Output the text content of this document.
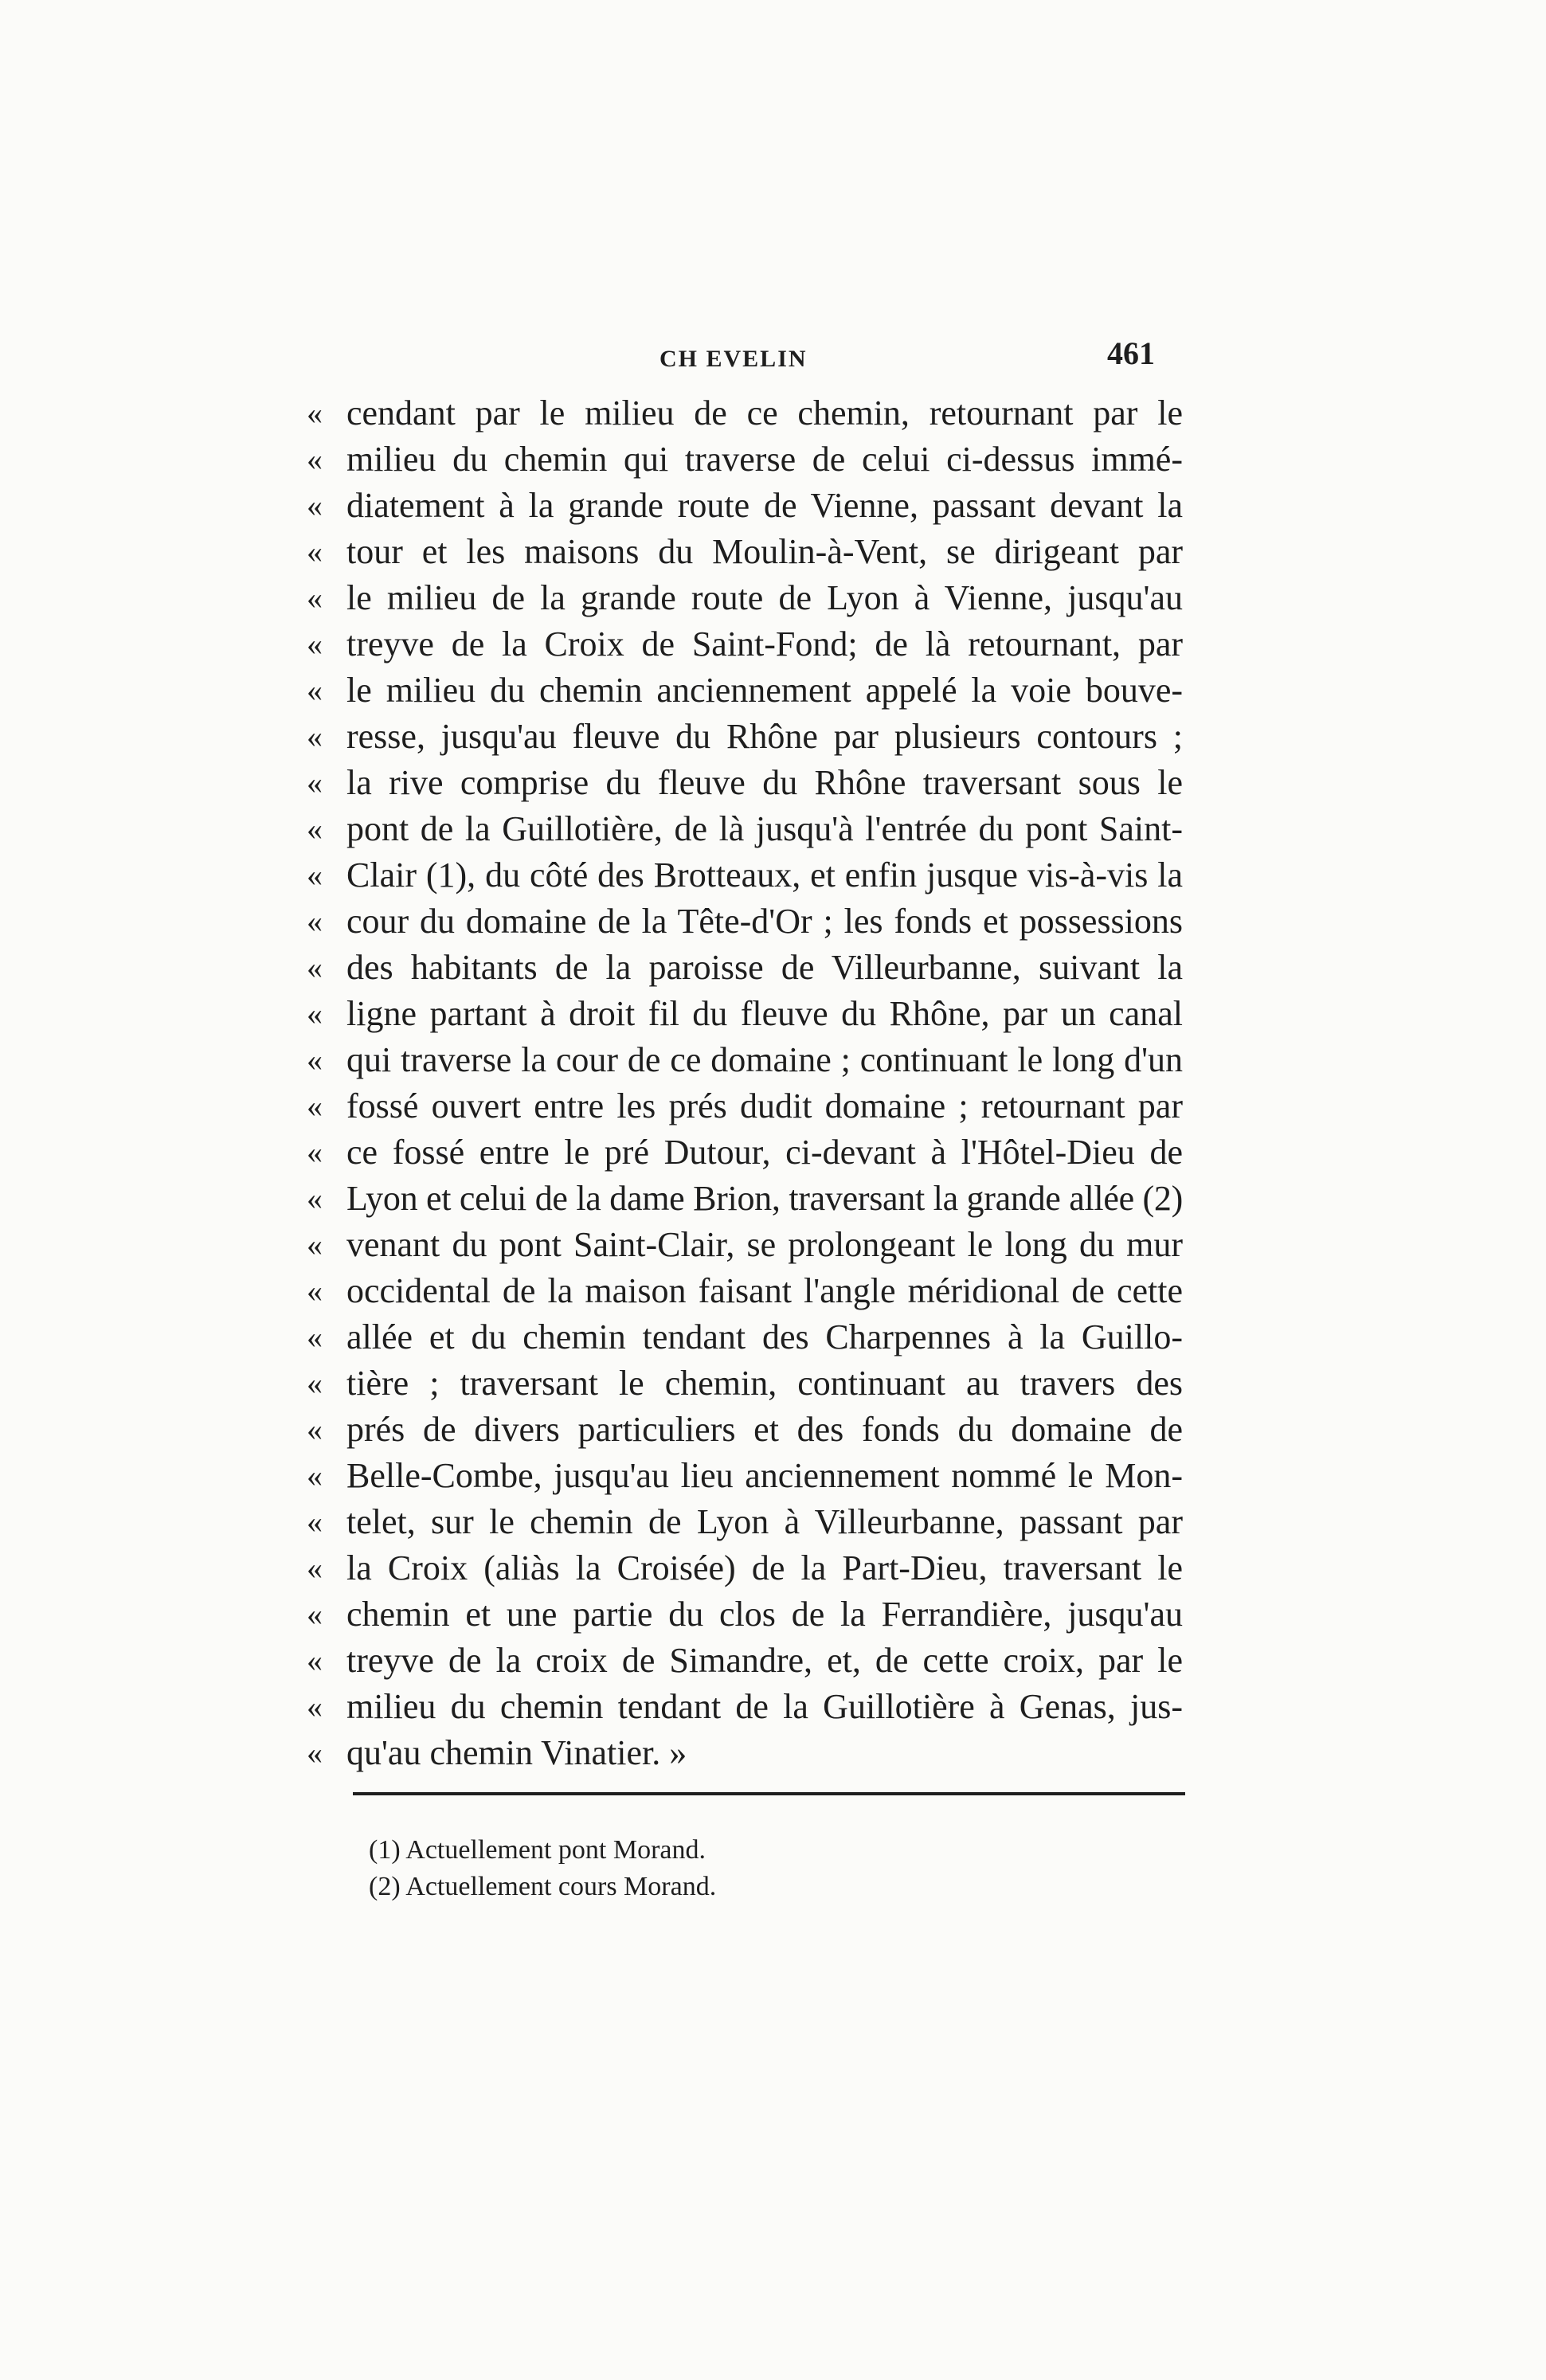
CH EVELIN	461
« cendant par le milieu de ce chemin, retournant par le
« milieu du chemin qui traverse de celui ci-dessus immé-
« diatement à la grande route de Vienne, passant devant la
« tour et les maisons du Moulin-à-Vent, se dirigeant par
« le milieu de la grande route de Lyon à Vienne, jusqu'au
« treyve de la Croix de Saint-Fond; de là retournant, par
« le milieu du chemin anciennement appelé la voie bouve-
« resse, jusqu'au fleuve du Rhône par plusieurs contours ;
« la rive comprise du fleuve du Rhône traversant sous le
« pont de la Guillotière, de là jusqu'à l'entrée du pont Saint-
« Clair (1), du côté des Brotteaux, et enfin jusque vis-à-vis la
« cour du domaine de la Tête-d'Or ; les fonds et possessions
« des habitants de la paroisse de Villeurbanne, suivant la
« ligne partant à droit fil du fleuve du Rhône, par un canal
« qui traverse la cour de ce domaine ; continuant le long d'un
« fossé ouvert entre les prés dudit domaine ; retournant par
« ce fossé entre le pré Dutour, ci-devant à l'Hôtel-Dieu de
« Lyon et celui de la dame Brion, traversant la grande allée (2)
« venant du pont Saint-Clair, se prolongeant le long du mur
« occidental de la maison faisant l'angle méridional de cette
« allée et du chemin tendant des Charpennes à la Guillo-
« tière ; traversant le chemin, continuant au travers des
« prés de divers particuliers et des fonds du domaine de
« Belle-Combe, jusqu'au lieu anciennement nommé le Mon-
« telet, sur le chemin de Lyon à Villeurbanne, passant par
« la Croix (aliàs la Croisée) de la Part-Dieu, traversant le
« chemin et une partie du clos de la Ferrandière, jusqu'au
« treyve de la croix de Simandre, et, de cette croix, par le
« milieu du chemin tendant de la Guillotière à Genas, jus-
« qu'au chemin Vinatier. »
(1) Actuellement pont Morand.
(2) Actuellement cours Morand.
